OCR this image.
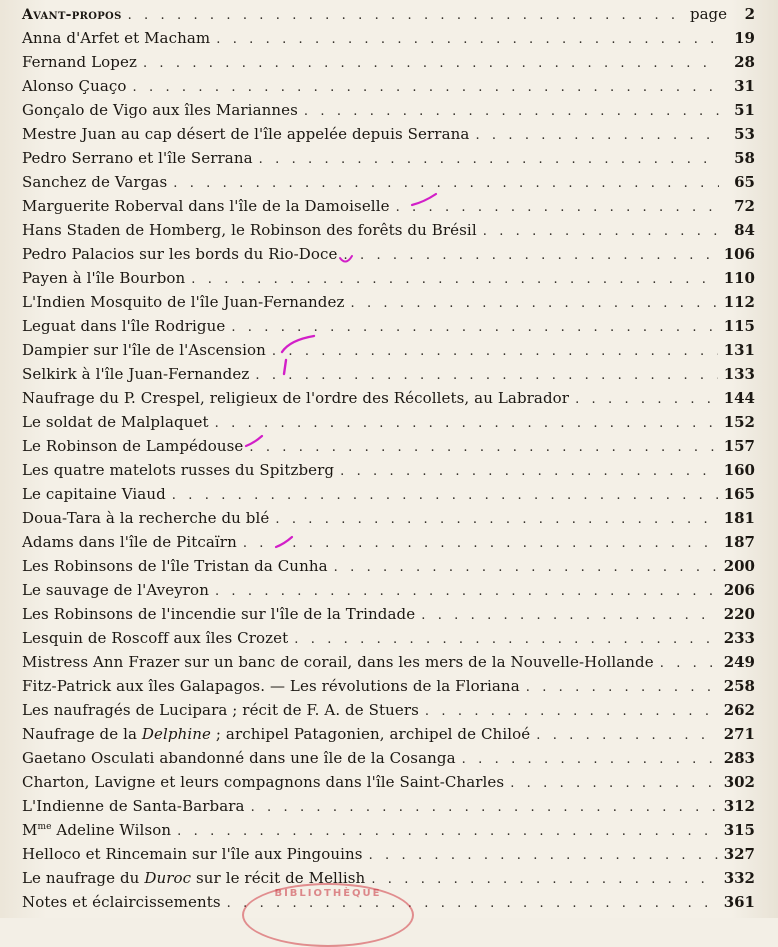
Avant-propos . . .	page	2
Anna d'Arfet et Macham . . .	19
Fernand Lopez . . .	28
Alonso Çuaço . . .	31
Gonçalo de Vigo aux îles Mariannes . . .	51
Mestre Juan au cap désert de l'île appelée depuis Serrana . . .	53
Pedro Serrano et l'île Serrana . . .	58
Sanchez de Vargas . . .	65
Marguerite Roberval dans l'île de la Damoiselle . . .	72
Hans Staden de Homberg, le Robinson des forêts du Brésil . . .	84
Pedro Palacios sur les bords du Rio-Doce . . .	106
Payen à l'île Bourbon . . .	110
L'Indien Mosquito de l'île Juan-Fernandez . . .	112
Leguat dans l'île Rodrigue . . .	115
Dampier sur l'île de l'Ascension . . .	131
Selkirk à l'île Juan-Fernandez . . .	133
Naufrage du P. Crespel, religieux de l'ordre des Récollets, au Labrador . . .	144
Le soldat de Malplaquet . . .	152
Le Robinson de Lampédouse . . .	157
Les quatre matelots russes du Spitzberg . . .	160
Le capitaine Viaud . . .	165
Doua-Tara à la recherche du blé . . .	181
Adams dans l'île de Pitcaïrn . . .	187
Les Robinsons de l'île Tristan da Cunha . . .	200
Le sauvage de l'Aveyron . . .	206
Les Robinsons de l'incendie sur l'île de la Trindade . . .	220
Lesquin de Roscoff aux îles Crozet . . .	233
Mistress Ann Frazer sur un banc de corail, dans les mers de la Nouvelle-Hollande . . .	249
Fitz-Patrick aux îles Galapagos. — Les révolutions de la Floriana . . .	258
Les naufragés de Lucipara ; récit de F. A. de Stuers . . .	262
Naufrage de la Delphine ; archipel Patagonien, archipel de Chiloé . . .	271
Gaetano Osculati abandonné dans une île de la Cosanga . . .	283
Charton, Lavigne et leurs compagnons dans l'île Saint-Charles . . .	302
L'Indienne de Santa-Barbara . . .	312
$M^{me}$ Adeline Wilson . . .	315
Helloco et Rincemain sur l'île aux Pingouins . . .	327
Le naufrage du Duroc sur le récit de Mellish . . .	332
Notes et éclaircissements . . .	361
BIBLIOTHÈQUE
